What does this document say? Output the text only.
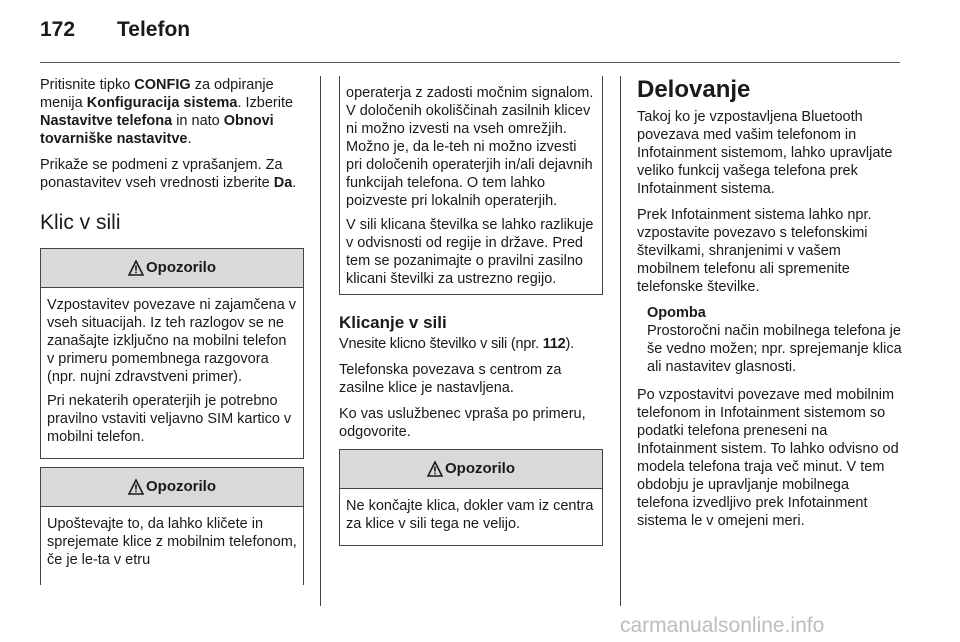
172 Telefon

Pritisnite tipko CONFIG za odpiranje menija Konfiguracija sistema. Izberite Nastavitve telefona in nato Obnovi tovarniške nastavitve.

Prikaže se podmeni z vprašanjem. Za ponastavitev vseh vrednosti izberite Da.

Klic v sili
Opozorilo

Vzpostavitev povezave ni zajamčena v vseh situacijah. Iz teh razlogov se ne zanašajte izključno na mobilni telefon v primeru pomembnega razgovora (npr. nujni zdravstveni primer).

Pri nekaterih operaterjih je potrebno pravilno vstaviti veljavno SIM kartico v mobilni telefon.

Opozorilo

Upoštevajte to, da lahko kličete in sprejemate klice z mobilnim telefonom, če je le-ta v etru

operaterja z zadosti močnim signalom. V določenih okoliščinah zasilnih klicev ni možno izvesti na vseh omrežjih. Možno je, da le-teh ni možno izvesti pri določenih operaterjih in/ali dejavnih funkcijah telefona. O tem lahko poizveste pri lokalnih operaterjih.

V sili klicana številka se lahko razlikuje v odvisnosti od regije in države. Pred tem se pozanimajte o pravilni zasilno klicani številki za ustrezno regijo.

Klicanje v sili

Vnesite klicno številko v sili (npr. 112).

Telefonska povezava s centrom za zasilne klice je nastavljena.

Ko vas uslužbenec vpraša po primeru, odgovorite.

Opozorilo

Ne končajte klica, dokler vam iz centra za klice v sili tega ne velijo.

Delovanje

Takoj ko je vzpostavljena Bluetooth povezava med vašim telefonom in Infotainment sistemom, lahko upravljate veliko funkcij vašega telefona prek Infotainment sistema.

Prek Infotainment sistema lahko npr. vzpostavite povezavo s telefonskimi številkami, shranjenimi v vašem mobilnem telefonu ali spremenite telefonske številke.

Opomba
Prostoročni način mobilnega telefona je še vedno možen; npr. sprejemanje klica ali nastavitev glasnosti.

Po vzpostavitvi povezave med mobilnim telefonom in Infotainment sistemom so podatki telefona preneseni na Infotainment sistem. To lahko odvisno od modela telefona traja več minut. V tem obdobju je upravljanje mobilnega telefona izvedljivo prek Infotainment sistema le v omejeni meri.

carmanualsonline.info
